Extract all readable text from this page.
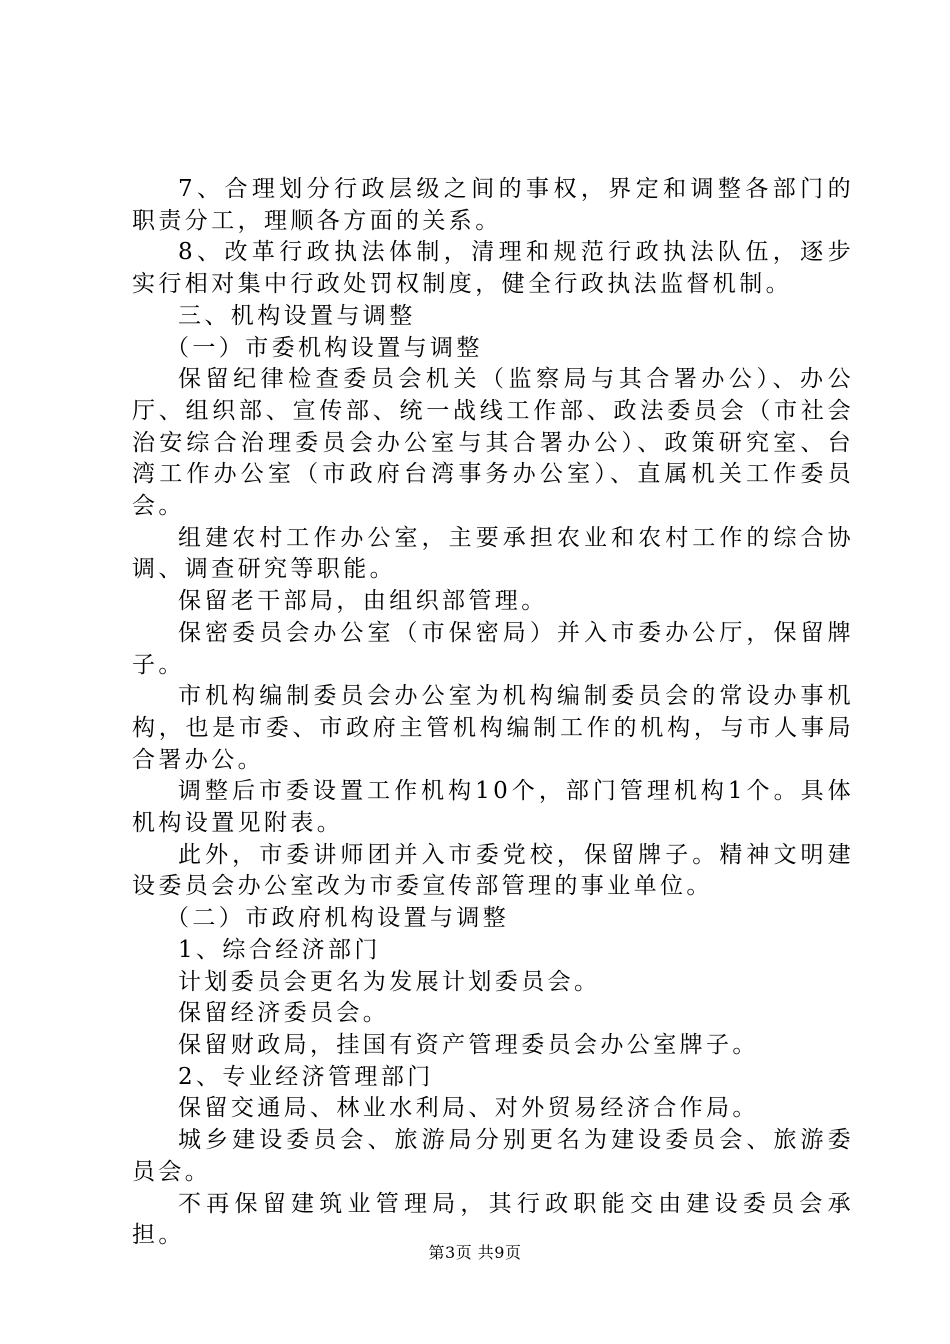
7、合理划分行政层级之间的事权，界定和调整各部门的职责分工，理顺各方面的关系。

8、改革行政执法体制，清理和规范行政执法队伍，逐步实行相对集中行政处罚权制度，健全行政执法监督机制。

三、机构设置与调整

（一）市委机构设置与调整

保留纪律检查委员会机关（监察局与其合署办公）、办公厅、组织部、宣传部、统一战线工作部、政法委员会（市社会治安综合治理委员会办公室与其合署办公）、政策研究室、台湾工作办公室（市政府台湾事务办公室）、直属机关工作委员会。

组建农村工作办公室，主要承担农业和农村工作的综合协调、调查研究等职能。

保留老干部局，由组织部管理。

保密委员会办公室（市保密局）并入市委办公厅，保留牌子。

市机构编制委员会办公室为机构编制委员会的常设办事机构，也是市委、市政府主管机构编制工作的机构，与市人事局合署办公。

调整后市委设置工作机构10个，部门管理机构1个。具体机构设置见附表。

此外，市委讲师团并入市委党校，保留牌子。精神文明建设委员会办公室改为市委宣传部管理的事业单位。

（二）市政府机构设置与调整

1、综合经济部门

计划委员会更名为发展计划委员会。

保留经济委员会。

保留财政局，挂国有资产管理委员会办公室牌子。

2、专业经济管理部门

保留交通局、林业水利局、对外贸易经济合作局。

城乡建设委员会、旅游局分别更名为建设委员会、旅游委员会。

不再保留建筑业管理局，其行政职能交由建设委员会承担。

第3页 共9页
